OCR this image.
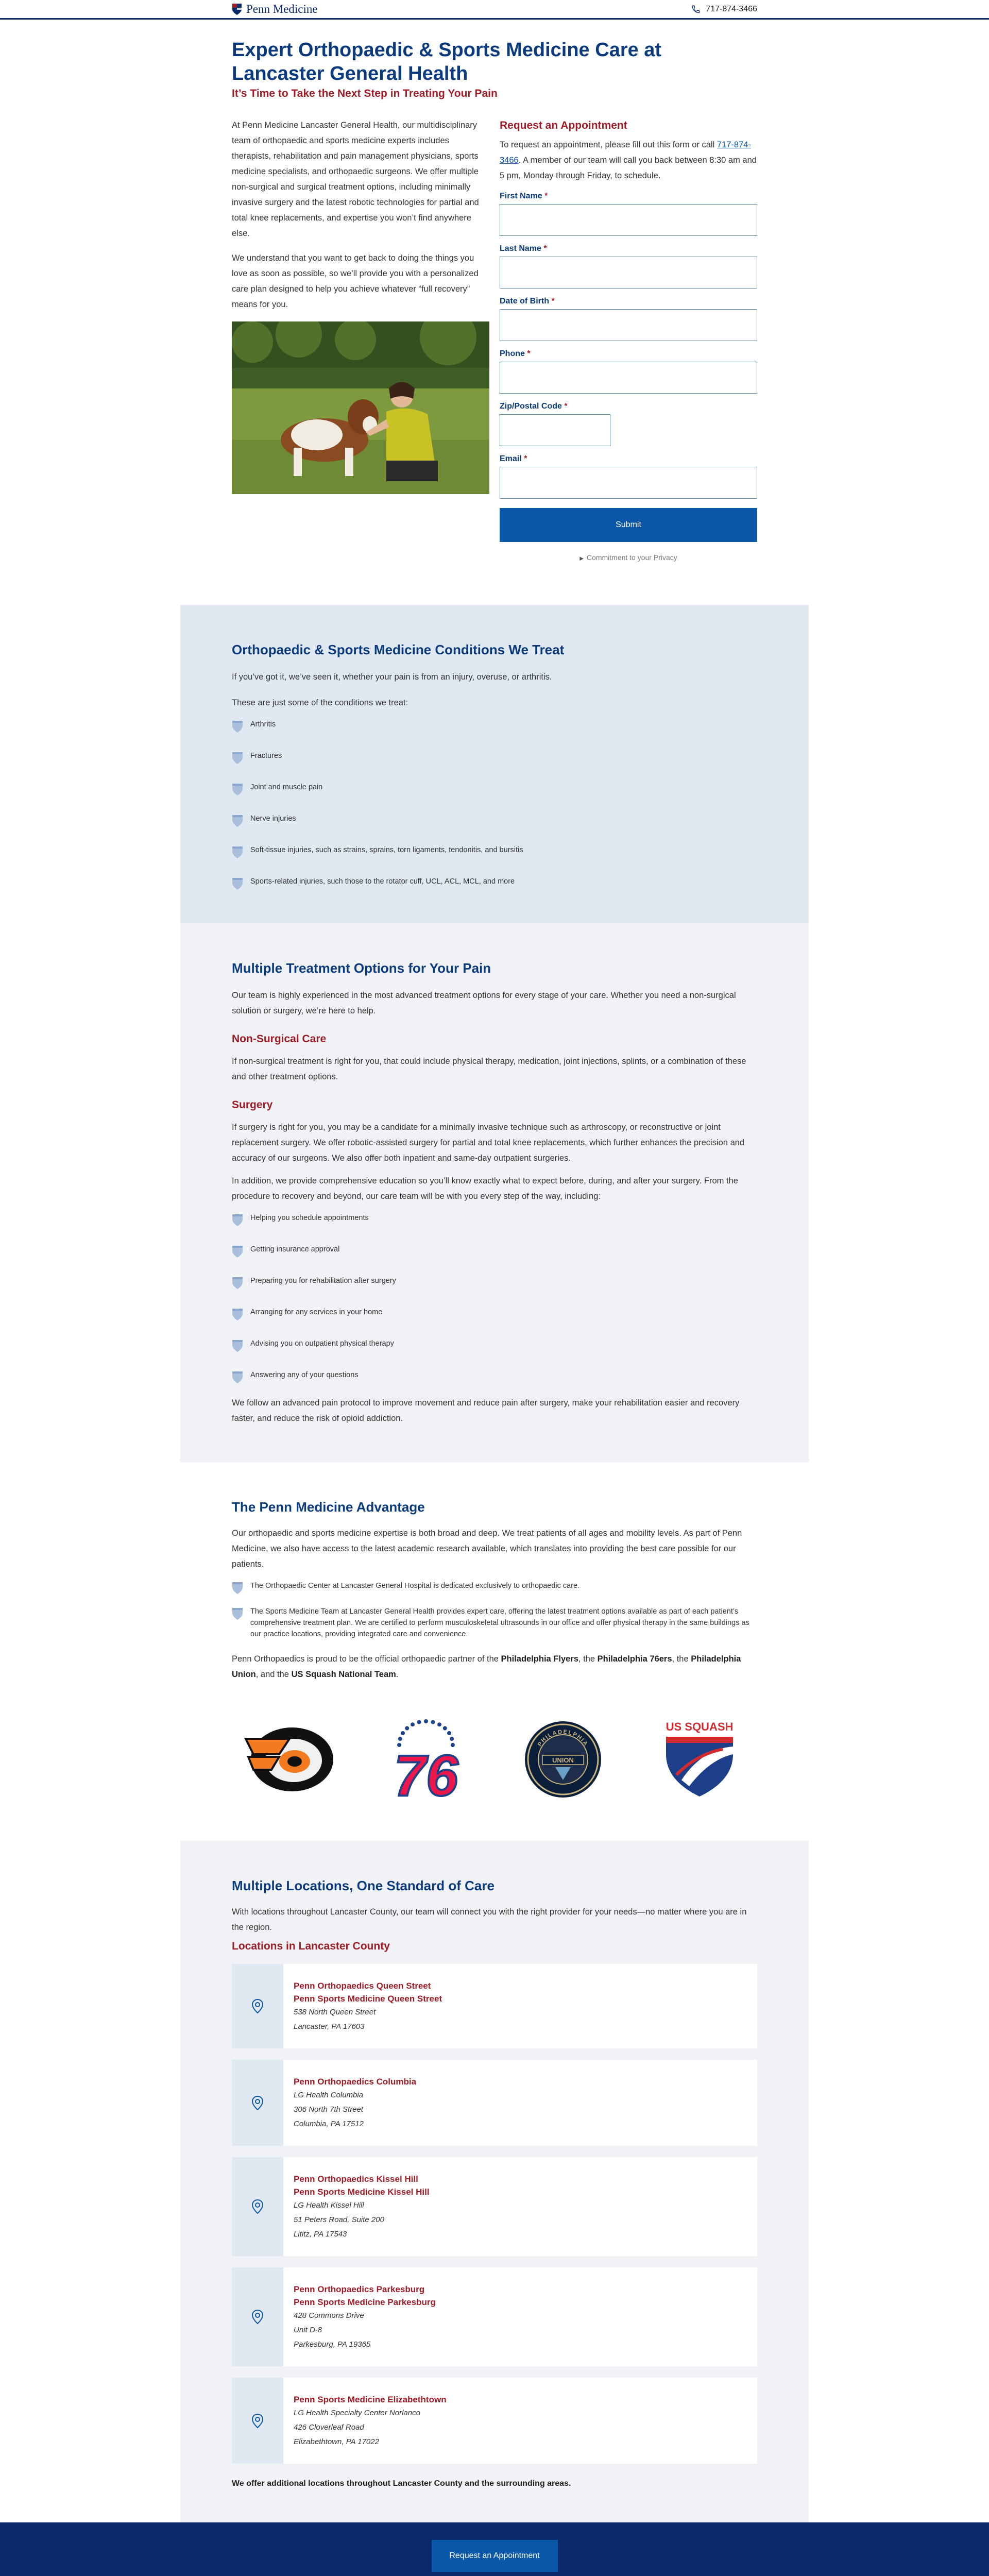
Penn Medicine	717-874-3466
Expert Orthopaedic & Sports Medicine Care at Lancaster General Health
It’s Time to Take the Next Step in Treating Your Pain

At Penn Medicine Lancaster General Health, our multidisciplinary team of orthopaedic and sports medicine experts includes therapists, rehabilitation and pain management physicians, sports medicine specialists, and orthopaedic surgeons. We offer multiple non-surgical and surgical treatment options, including minimally invasive surgery and the latest robotic technologies for partial and total knee replacements, and expertise you won’t find anywhere else.

We understand that you want to get back to doing the things you love as soon as possible, so we’ll provide you with a personalized care plan designed to help you achieve whatever “full recovery” means for you.

Request an Appointment
To request an appointment, please fill out this form or call 717-874-3466. A member of our team will call you back between 8:30 am and 5 pm, Monday through Friday, to schedule.
First Name *
Last Name *
Date of Birth *
Phone *
Zip/Postal Code *
Email *
Submit
▶ Commitment to your Privacy
Orthopaedic & Sports Medicine Conditions We Treat

If you’ve got it, we’ve seen it, whether your pain is from an injury, overuse, or arthritis.

These are just some of the conditions we treat:

Arthritis
Fractures
Joint and muscle pain
Nerve injuries
Soft-tissue injuries, such as strains, sprains, torn ligaments, tendonitis, and bursitis
Sports-related injuries, such those to the rotator cuff, UCL, ACL, MCL, and more
Multiple Treatment Options for Your Pain

Our team is highly experienced in the most advanced treatment options for every stage of your care. Whether you need a non-surgical solution or surgery, we’re here to help.

Non-Surgical Care

If non-surgical treatment is right for you, that could include physical therapy, medication, joint injections, splints, or a combination of these and other treatment options.

Surgery

If surgery is right for you, you may be a candidate for a minimally invasive technique such as arthroscopy, or reconstructive or joint replacement surgery. We offer robotic-assisted surgery for partial and total knee replacements, which further enhances the precision and accuracy of our surgeons. We also offer both inpatient and same-day outpatient surgeries.

In addition, we provide comprehensive education so you’ll know exactly what to expect before, during, and after your surgery. From the procedure to recovery and beyond, our care team will be with you every step of the way, including:

Helping you schedule appointments
Getting insurance approval
Preparing you for rehabilitation after surgery
Arranging for any services in your home
Advising you on outpatient physical therapy
Answering any of your questions

We follow an advanced pain protocol to improve movement and reduce pain after surgery, make your rehabilitation easier and recovery faster, and reduce the risk of opioid addiction.

The Penn Medicine Advantage

Our orthopaedic and sports medicine expertise is both broad and deep. We treat patients of all ages and mobility levels. As part of Penn Medicine, we also have access to the latest academic research available, which translates into providing the best care possible for our patients.

The Orthopaedic Center at Lancaster General Hospital is dedicated exclusively to orthopaedic care.
The Sports Medicine Team at Lancaster General Health provides expert care, offering the latest treatment options available as part of each patient’s comprehensive treatment plan. We are certified to perform musculoskeletal ultrasounds in our office and offer physical therapy in the same buildings as our practice locations, providing integrated care and convenience.

Penn Orthopaedics is proud to be the official orthopaedic partner of the Philadelphia Flyers, the Philadelphia 76ers, the Philadelphia Union, and the US Squash National Team.

76	PHILADELPHIA
UNION
US SQUASH
Multiple Locations, One Standard of Care

With locations throughout Lancaster County, our team will connect you with the right provider for your needs—no matter where you are in the region.

Locations in Lancaster County
Penn Orthopaedics Queen Street
Penn Sports Medicine Queen Street
538 North Queen Street
Lancaster, PA 17603
Penn Orthopaedics Columbia
LG Health Columbia
306 North 7th Street
Columbia, PA 17512
Penn Orthopaedics Kissel Hill
Penn Sports Medicine Kissel Hill
LG Health Kissel Hill
51 Peters Road, Suite 200
Lititz, PA 17543
Penn Orthopaedics Parkesburg
Penn Sports Medicine Parkesburg
428 Commons Drive
Unit D-8
Parkesburg, PA 19365
Penn Sports Medicine Elizabethtown
LG Health Specialty Center Norlanco
426 Cloverleaf Road
Elizabethtown, PA 17022

We offer additional locations throughout Lancaster County and the surrounding areas.

Request an Appointment
